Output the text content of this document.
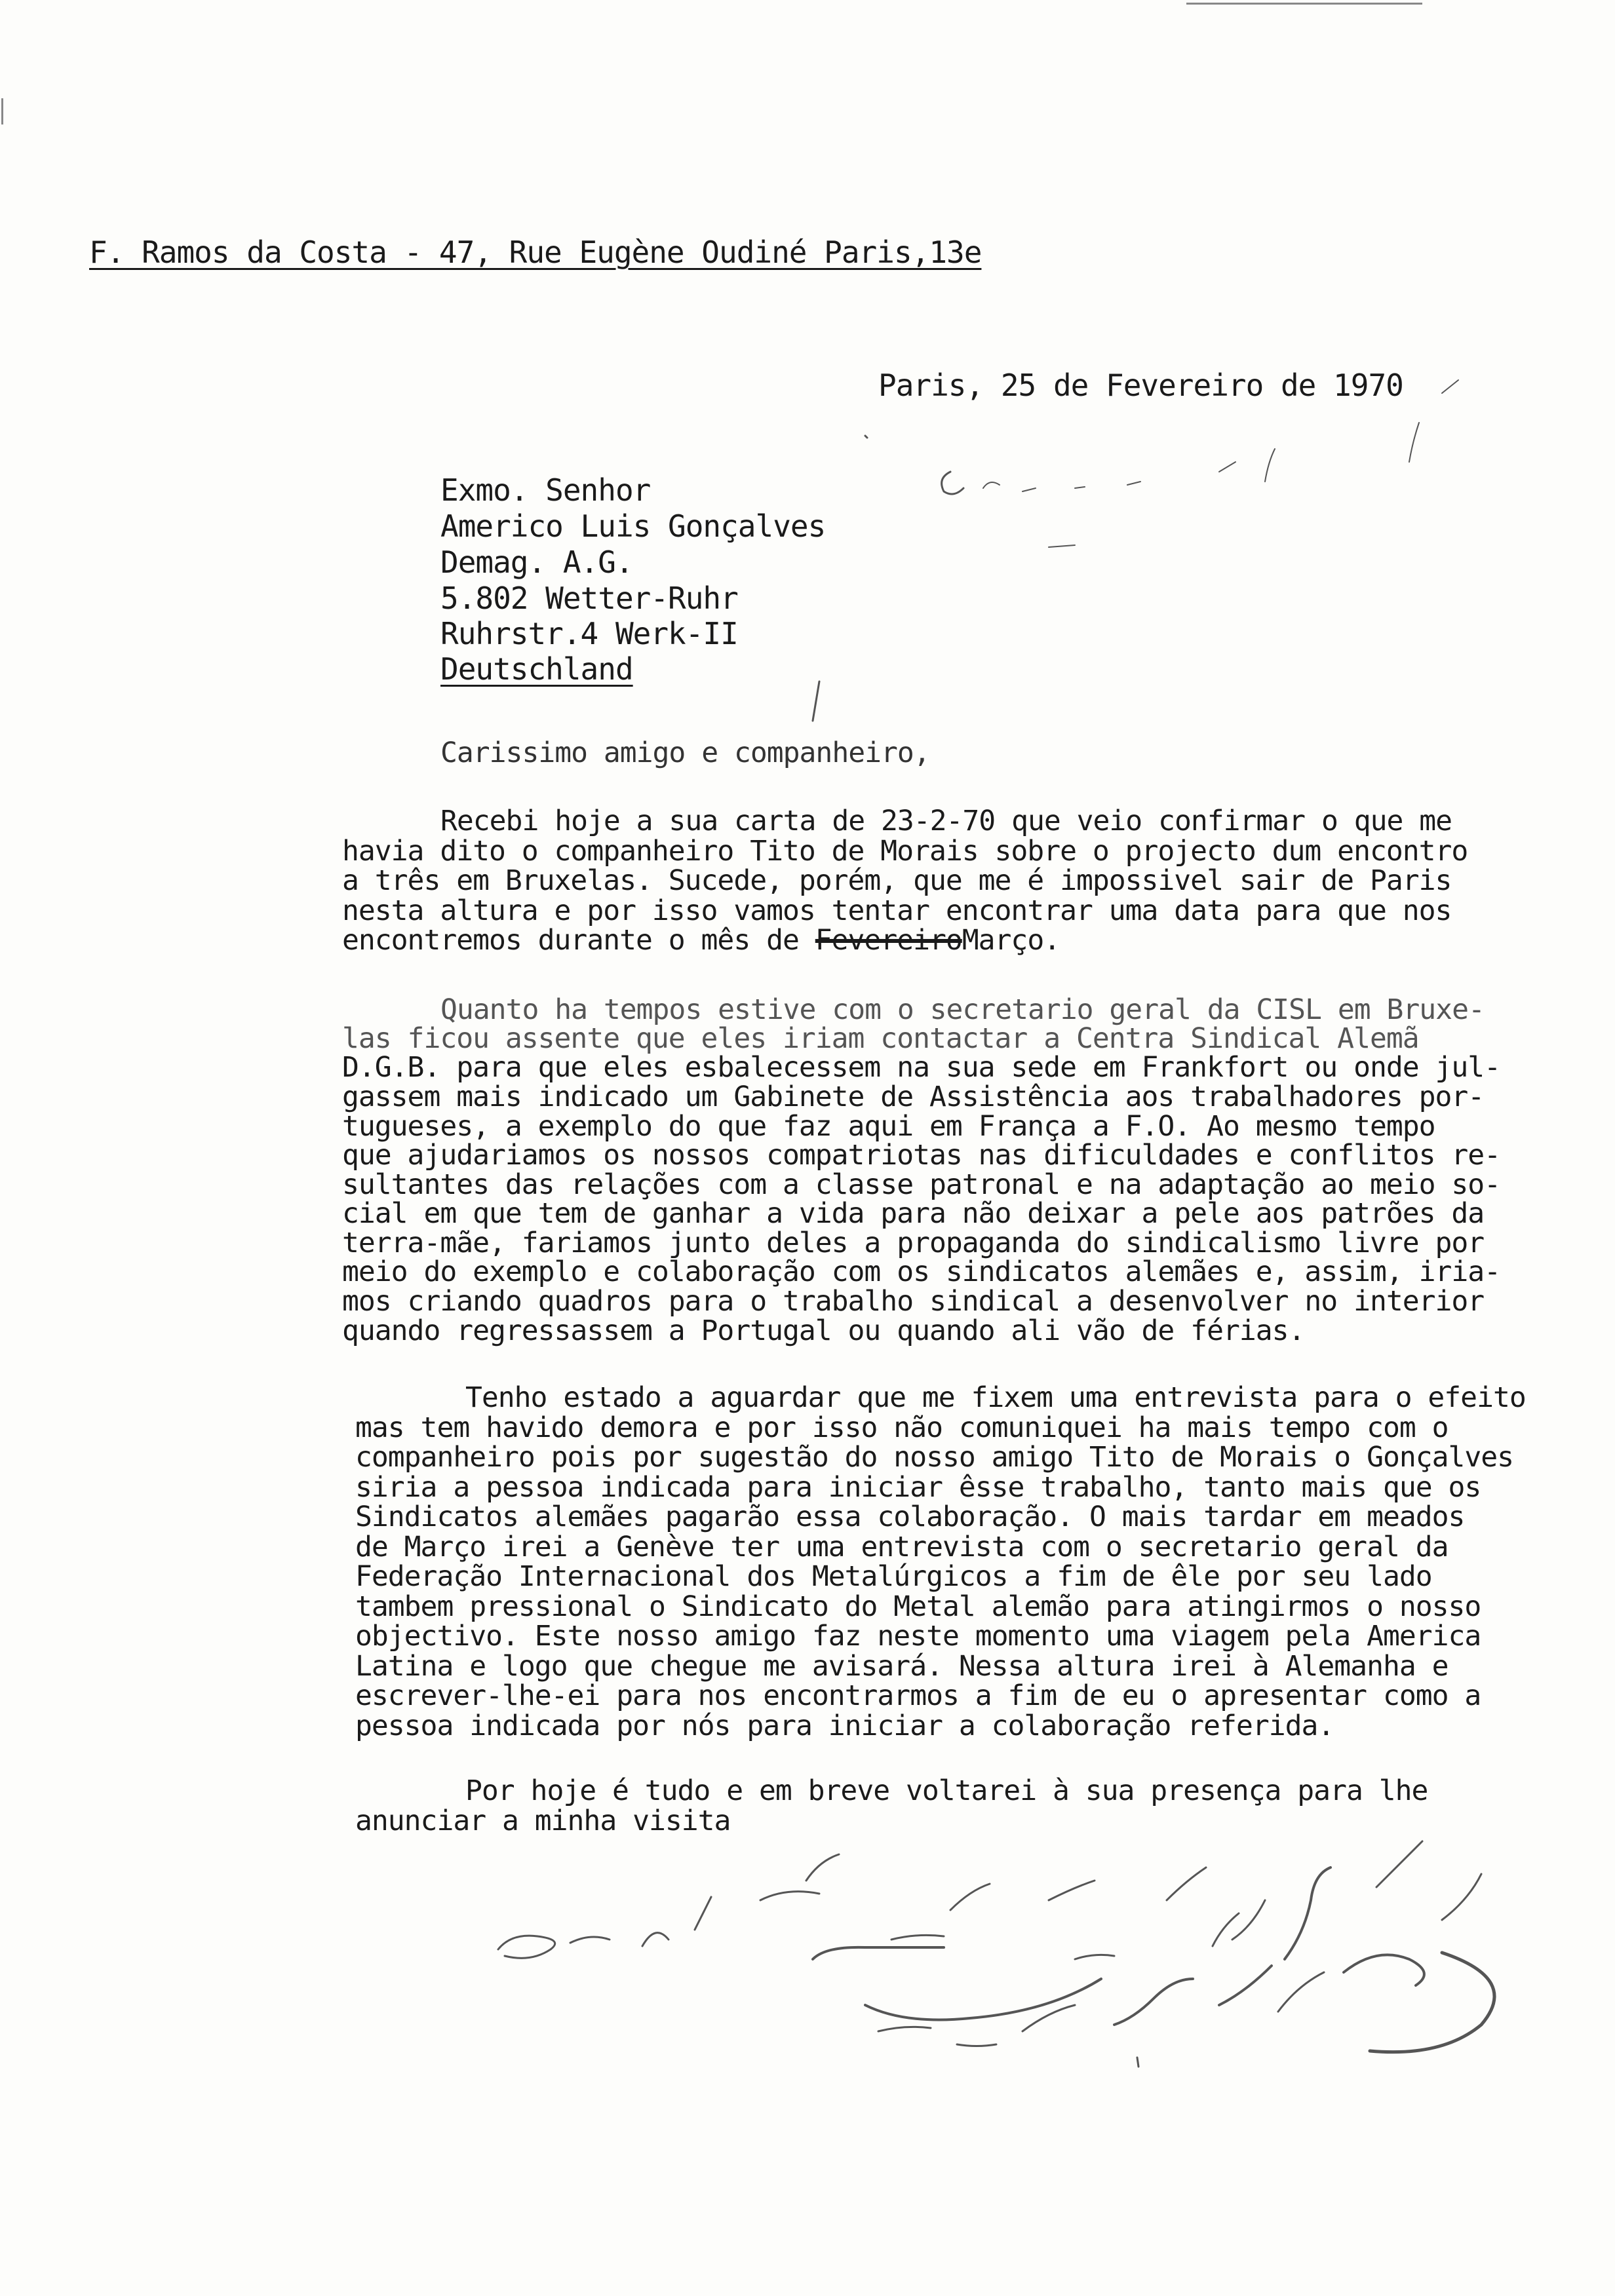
F. Ramos da Costa - 47, Rue Eugène Oudiné Paris,13e
Paris, 25 de Fevereiro de 1970
Exmo. Senhor
Americo Luis Gonçalves
Demag. A.G.
5.802 Wetter-Ruhr
Ruhrstr.4 Werk-II
Deutschland
Carissimo amigo e companheiro,
Recebi hoje a sua carta de 23-2-70 que veio confirmar o que me
havia dito o companheiro Tito de Morais sobre o projecto dum encontro
a três em Bruxelas. Sucede, porém, que me é impossivel sair de Paris
nesta altura e por isso vamos tentar encontrar uma data para que nos
encontremos durante o mês de FevereiroMarço.
Quanto ha tempos estive com o secretario geral da CISL em Bruxe-
las ficou assente que eles iriam contactar a Centra Sindical Alemã
D.G.B. para que eles esbalecessem na sua sede em Frankfort ou onde jul-
gassem mais indicado um Gabinete de Assistência aos trabalhadores por-
tugueses, a exemplo do que faz aqui em França a F.O. Ao mesmo tempo
que ajudariamos os nossos compatriotas nas dificuldades e conflitos re-
sultantes das relações com a classe patronal e na adaptação ao meio so-
cial em que tem de ganhar a vida para não deixar a pele aos patrões da
terra-mãe, fariamos junto deles a propaganda do sindicalismo livre por
meio do exemplo e colaboração com os sindicatos alemães e, assim, iria-
mos criando quadros para o trabalho sindical a desenvolver no interior
quando regressassem a Portugal ou quando ali vão de férias.
Tenho estado a aguardar que me fixem uma entrevista para o efeito
mas tem havido demora e por isso não comuniquei ha mais tempo com o
companheiro pois por sugestão do nosso amigo Tito de Morais o Gonçalves
siria a pessoa indicada para iniciar êsse trabalho, tanto mais que os
Sindicatos alemães pagarão essa colaboração. O mais tardar em meados
de Março irei a Genève ter uma entrevista com o secretario geral da
Federação Internacional dos Metalúrgicos a fim de êle por seu lado
tambem pressional o Sindicato do Metal alemão para atingirmos o nosso
objectivo. Este nosso amigo faz neste momento uma viagem pela America
Latina e logo que chegue me avisará. Nessa altura irei à Alemanha e
escrever-lhe-ei para nos encontrarmos a fim de eu o apresentar como a
pessoa indicada por nós para iniciar a colaboração referida.
Por hoje é tudo e em breve voltarei à sua presença para lhe
anunciar a minha visita
